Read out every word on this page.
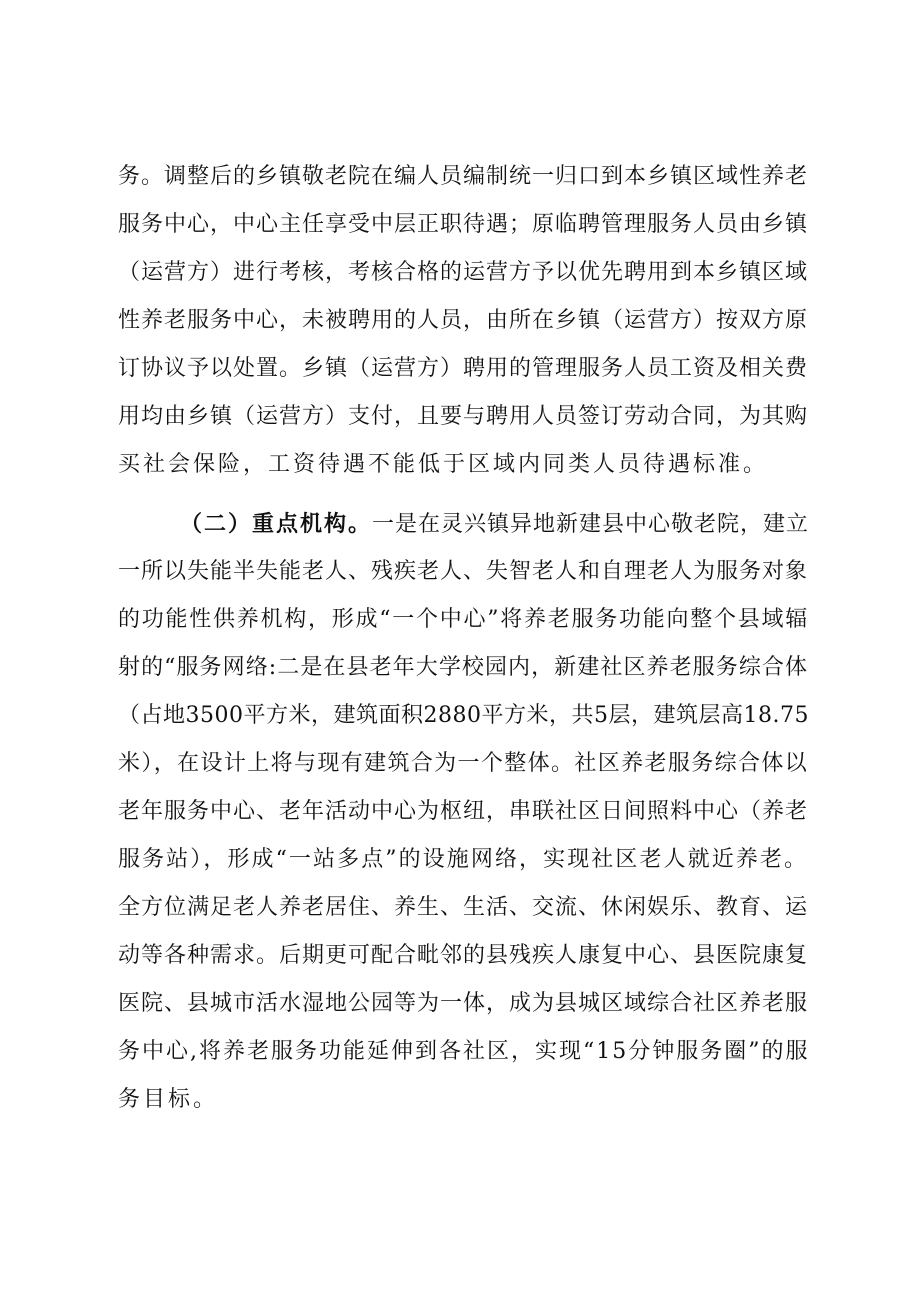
务。调整后的乡镇敬老院在编人员编制统一归口到本乡镇区域性养老
服务中心，中心主任享受中层正职待遇；原临聘管理服务人员由乡镇
（运营方）进行考核，考核合格的运营方予以优先聘用到本乡镇区域
性养老服务中心，未被聘用的人员，由所在乡镇（运营方）按双方原
订协议予以处置。乡镇（运营方）聘用的管理服务人员工资及相关费
用均由乡镇（运营方）支付，且要与聘用人员签订劳动合同，为其购
买社会保险，工资待遇不能低于区域内同类人员待遇标准。
（二）重点机构。一是在灵兴镇异地新建县中心敬老院，建立
一所以失能半失能老人、残疾老人、失智老人和自理老人为服务对象
的功能性供养机构，形成“一个中心”将养老服务功能向整个县域辐
射的“服务网络:二是在县老年大学校园内，新建社区养老服务综合体
（占地3500平方米，建筑面积2880平方米，共5层，建筑层高18.75
米），在设计上将与现有建筑合为一个整体。社区养老服务综合体以
老年服务中心、老年活动中心为枢纽，串联社区日间照料中心（养老
服务站），形成“一站多点”的设施网络，实现社区老人就近养老。
全方位满足老人养老居住、养生、生活、交流、休闲娱乐、教育、运
动等各种需求。后期更可配合毗邻的县残疾人康复中心、县医院康复
医院、县城市活水湿地公园等为一体，成为县城区域综合社区养老服
务中心,将养老服务功能延伸到各社区，实现“15分钟服务圈”的服
务目标。
